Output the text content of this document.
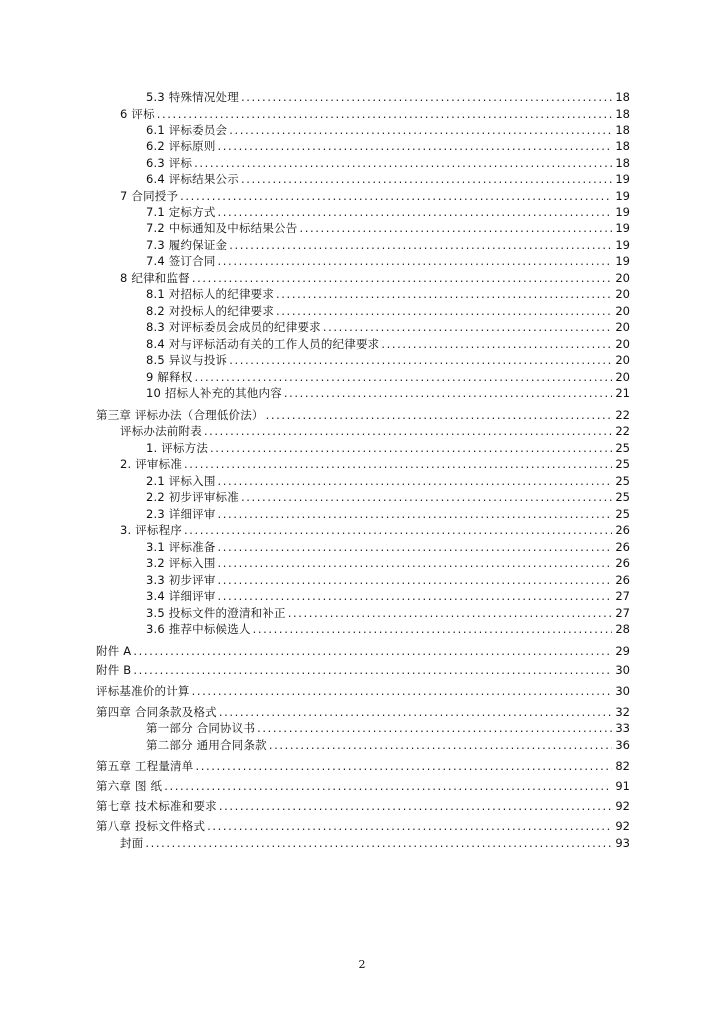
5.3 特殊情况处理 .....	18
6 评标 .....	18
6.1 评标委员会 .....	18
6.2 评标原则 .....	18
6.3 评标 .....	18
6.4 评标结果公示 .....	19
7 合同授予 .....	19
7.1 定标方式 .....	19
7.2 中标通知及中标结果公告 .....	19
7.3 履约保证金 .....	19
7.4 签订合同 .....	19
8 纪律和监督 .....	20
8.1 对招标人的纪律要求 .....	20
8.2 对投标人的纪律要求 .....	20
8.3 对评标委员会成员的纪律要求 .....	20
8.4 对与评标活动有关的工作人员的纪律要求 .....	20
8.5 异议与投诉 .....	20
9 解释权 .....	20
10 招标人补充的其他内容 .....	21
第三章 评标办法（合理低价法） .....	22
评标办法前附表 .....	22
1. 评标方法 .....	25
2. 评审标准 .....	25
2.1 评标入围 .....	25
2.2 初步评审标准 .....	25
2.3 详细评审 .....	25
3. 评标程序 .....	26
3.1 评标准备 .....	26
3.2 评标入围 .....	26
3.3 初步评审 .....	26
3.4 详细评审 .....	27
3.5 投标文件的澄清和补正 .....	27
3.6 推荐中标候选人 .....	28
附件 A .....	29
附件 B .....	30
评标基准价的计算 .....	30
第四章 合同条款及格式 .....	32
第一部分 合同协议书 .....	33
第二部分 通用合同条款 .....	36
第五章 工程量清单 .....	82
第六章 图 纸 .....	91
第七章 技术标准和要求 .....	92
第八章 投标文件格式 .....	92
封面 .....	93
2
